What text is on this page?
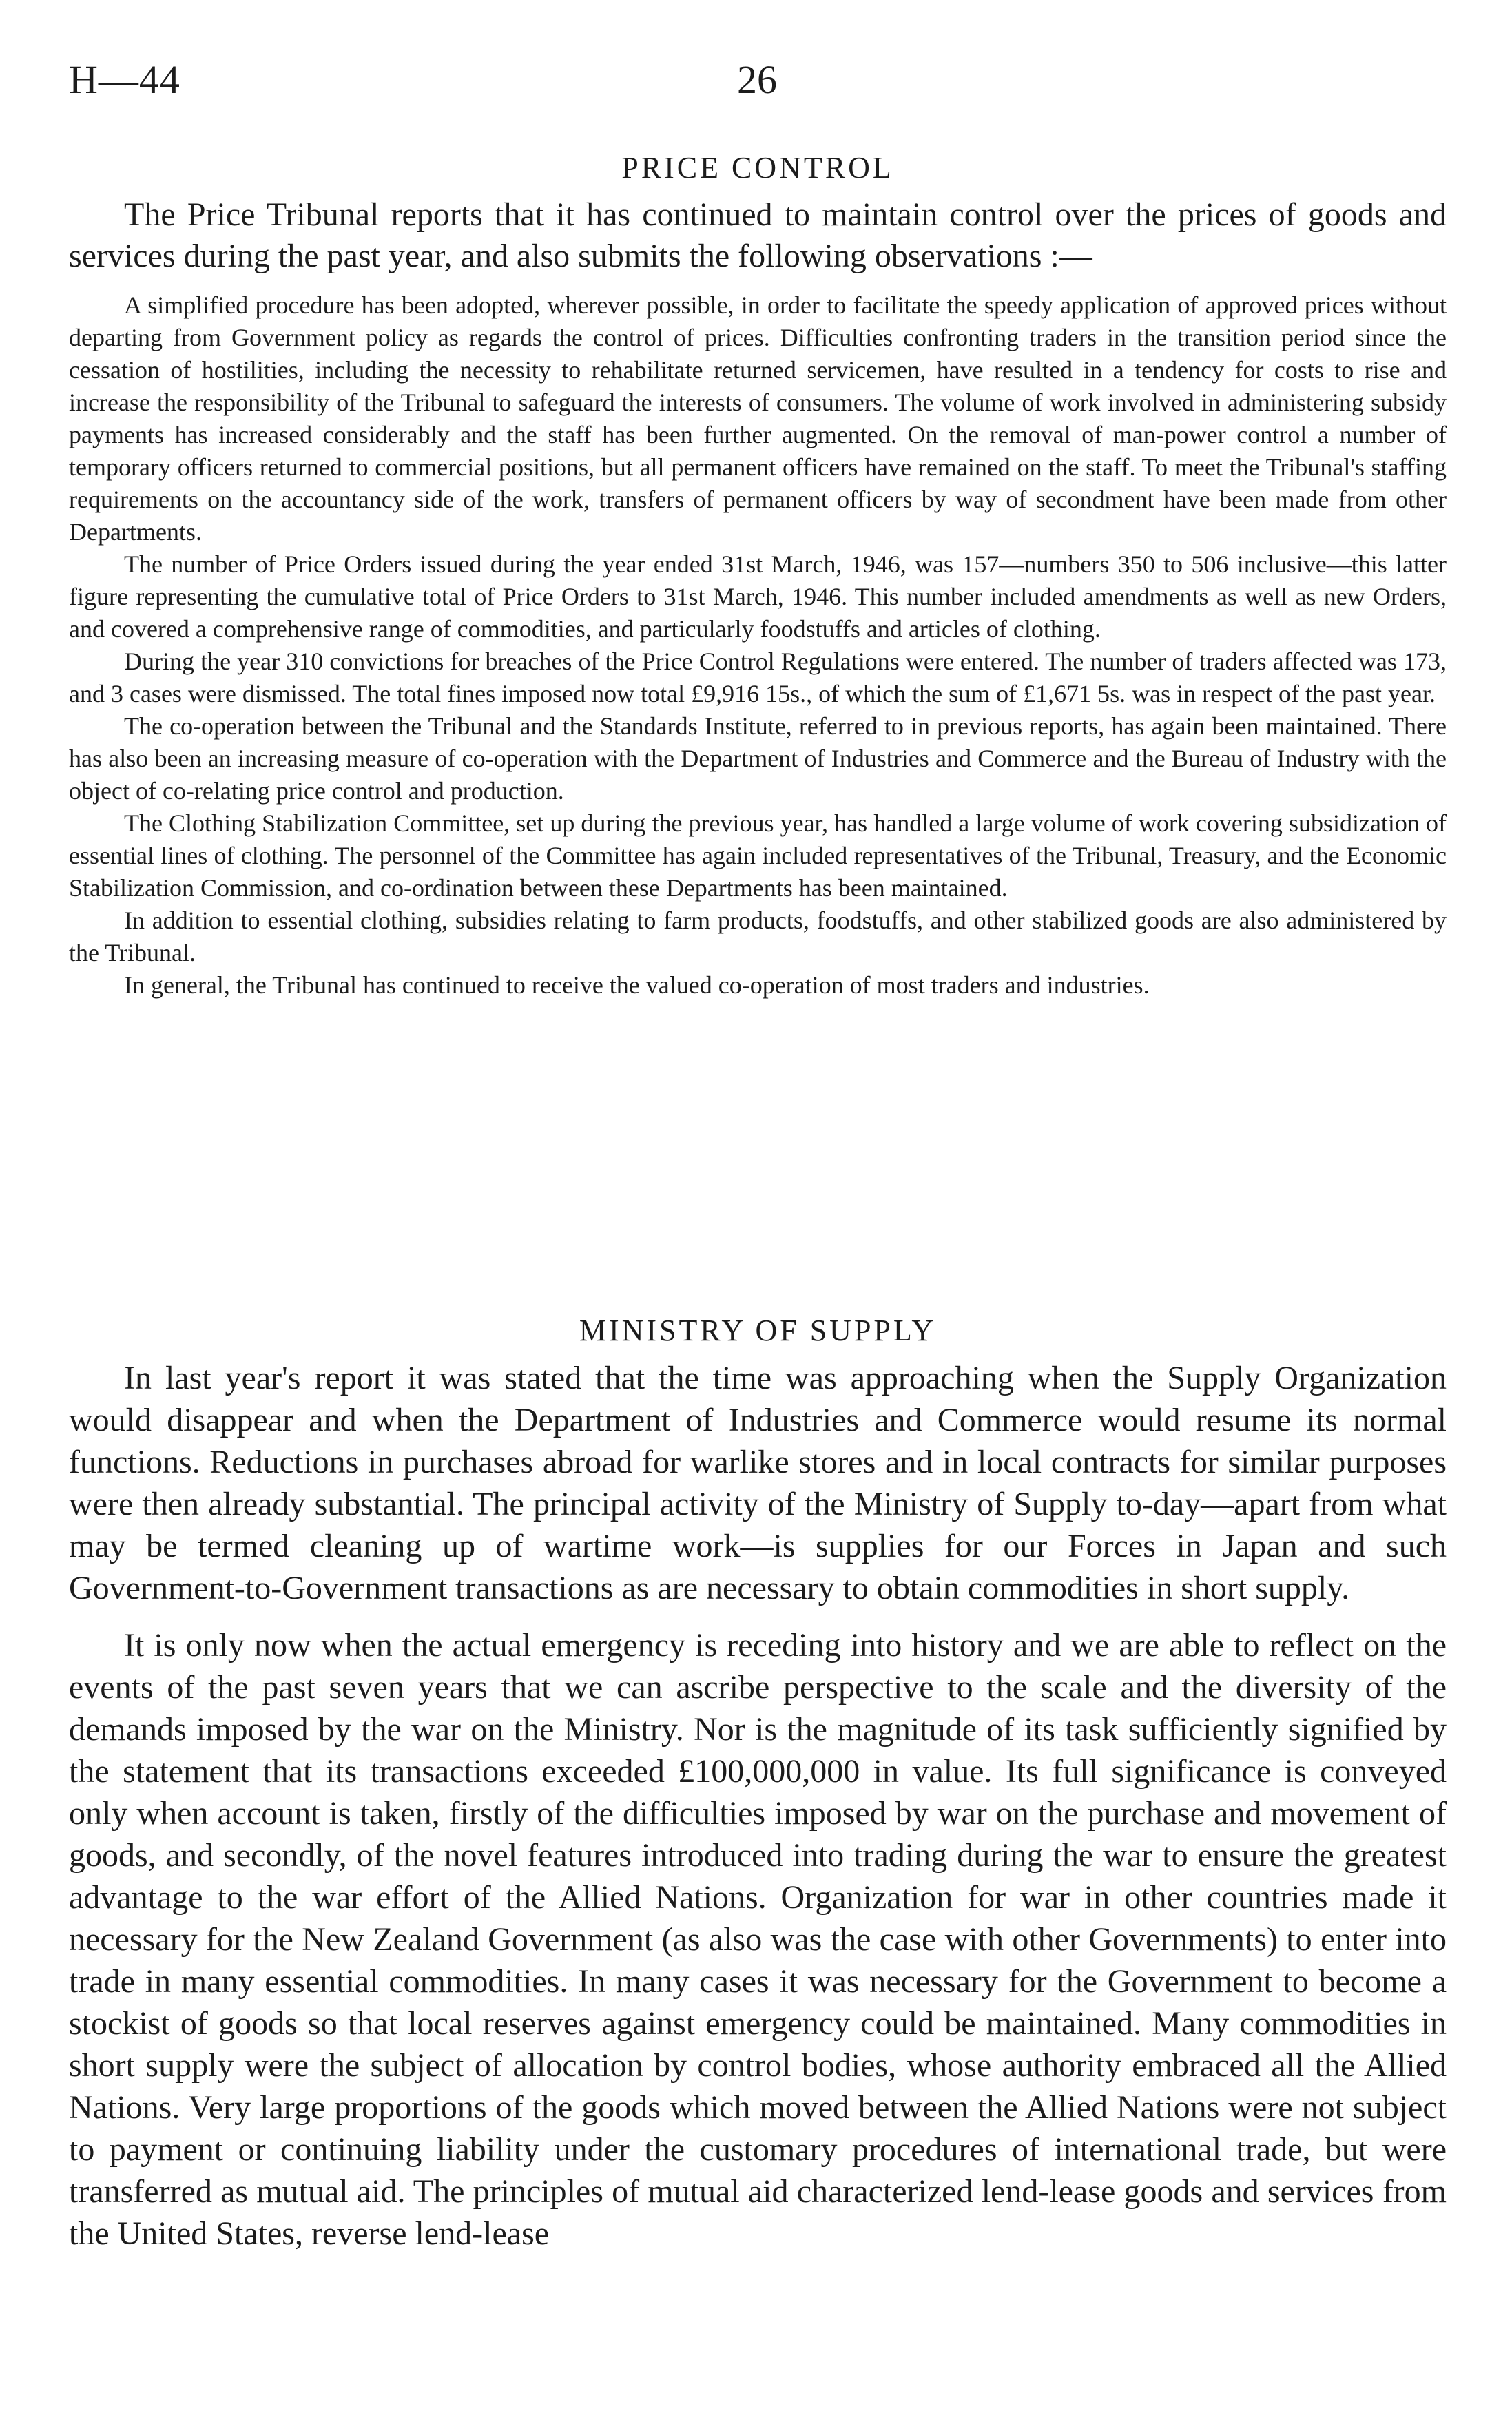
H—44	26
PRICE CONTROL

The Price Tribunal reports that it has continued to maintain control over the prices of goods and services during the past year, and also submits the following observations :—

A simplified procedure has been adopted, wherever possible, in order to facilitate the speedy application of approved prices without departing from Government policy as regards the control of prices. Difficulties confronting traders in the transition period since the cessation of hostilities, including the necessity to rehabilitate returned servicemen, have resulted in a tendency for costs to rise and increase the responsibility of the Tribunal to safeguard the interests of consumers. The volume of work involved in administering subsidy payments has increased considerably and the staff has been further augmented. On the removal of man-power control a number of temporary officers returned to commercial positions, but all permanent officers have remained on the staff. To meet the Tribunal's staffing requirements on the accountancy side of the work, transfers of permanent officers by way of secondment have been made from other Departments.

The number of Price Orders issued during the year ended 31st March, 1946, was 157—numbers 350 to 506 inclusive—this latter figure representing the cumulative total of Price Orders to 31st March, 1946. This number included amendments as well as new Orders, and covered a comprehensive range of commodities, and particularly foodstuffs and articles of clothing.

During the year 310 convictions for breaches of the Price Control Regulations were entered. The number of traders affected was 173, and 3 cases were dismissed. The total fines imposed now total £9,916 15s., of which the sum of £1,671 5s. was in respect of the past year.

The co-operation between the Tribunal and the Standards Institute, referred to in previous reports, has again been maintained. There has also been an increasing measure of co-operation with the Department of Industries and Commerce and the Bureau of Industry with the object of co-relating price control and production.

The Clothing Stabilization Committee, set up during the previous year, has handled a large volume of work covering subsidization of essential lines of clothing. The personnel of the Committee has again included representatives of the Tribunal, Treasury, and the Economic Stabilization Commission, and co-ordination between these Departments has been maintained.

In addition to essential clothing, subsidies relating to farm products, foodstuffs, and other stabilized goods are also administered by the Tribunal.

In general, the Tribunal has continued to receive the valued co-operation of most traders and industries.

MINISTRY OF SUPPLY

In last year's report it was stated that the time was approaching when the Supply Organization would disappear and when the Department of Industries and Commerce would resume its normal functions. Reductions in purchases abroad for warlike stores and in local contracts for similar purposes were then already substantial. The principal activity of the Ministry of Supply to-day—apart from what may be termed cleaning up of wartime work—is supplies for our Forces in Japan and such Government-to-Government transactions as are necessary to obtain commodities in short supply.

It is only now when the actual emergency is receding into history and we are able to reflect on the events of the past seven years that we can ascribe perspective to the scale and the diversity of the demands imposed by the war on the Ministry. Nor is the magnitude of its task sufficiently signified by the statement that its transactions exceeded £100,000,000 in value. Its full significance is conveyed only when account is taken, firstly of the difficulties imposed by war on the purchase and movement of goods, and secondly, of the novel features introduced into trading during the war to ensure the greatest advantage to the war effort of the Allied Nations. Organization for war in other countries made it necessary for the New Zealand Government (as also was the case with other Governments) to enter into trade in many essential commodities. In many cases it was necessary for the Government to become a stockist of goods so that local reserves against emergency could be maintained. Many commodities in short supply were the subject of allocation by control bodies, whose authority embraced all the Allied Nations. Very large proportions of the goods which moved between the Allied Nations were not subject to payment or continuing liability under the customary procedures of international trade, but were transferred as mutual aid. The principles of mutual aid characterized lend-lease goods and services from the United States, reverse lend-lease
